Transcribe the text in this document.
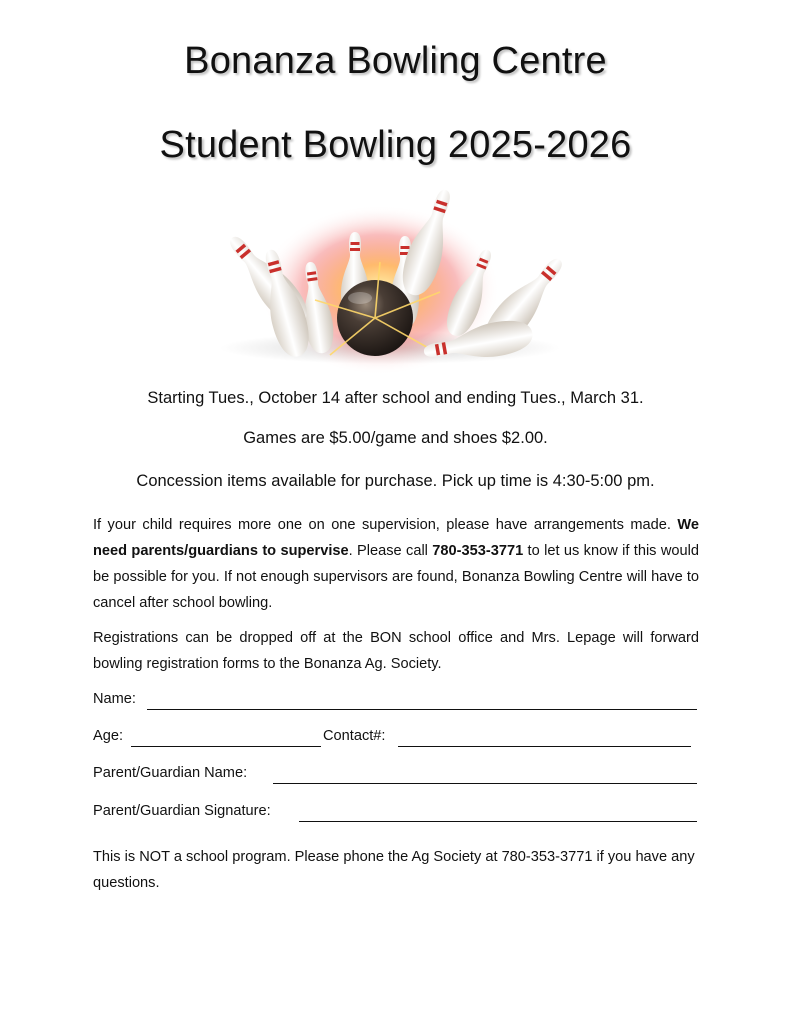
Bonanza Bowling Centre
Student Bowling 2025-2026
Starting Tues., October 14 after school and ending Tues., March 31.
Games are $5.00/game and shoes $2.00.
Concession items available for purchase. Pick up time is 4:30-5:00 pm.
If your child requires more one on one supervision, please have arrangements made. We need parents/guardians to supervise. Please call 780-353-3771 to let us know if this would be possible for you. If not enough supervisors are found, Bonanza Bowling Centre will have to cancel after school bowling.
Registrations can be dropped off at the BON school office and Mrs. Lepage will forward bowling registration forms to the Bonanza Ag. Society.
Name:
Age:	Contact#:
Parent/Guardian Name:
Parent/Guardian Signature:
This is NOT a school program. Please phone the Ag Society at 780-353-3771 if you have any questions.
